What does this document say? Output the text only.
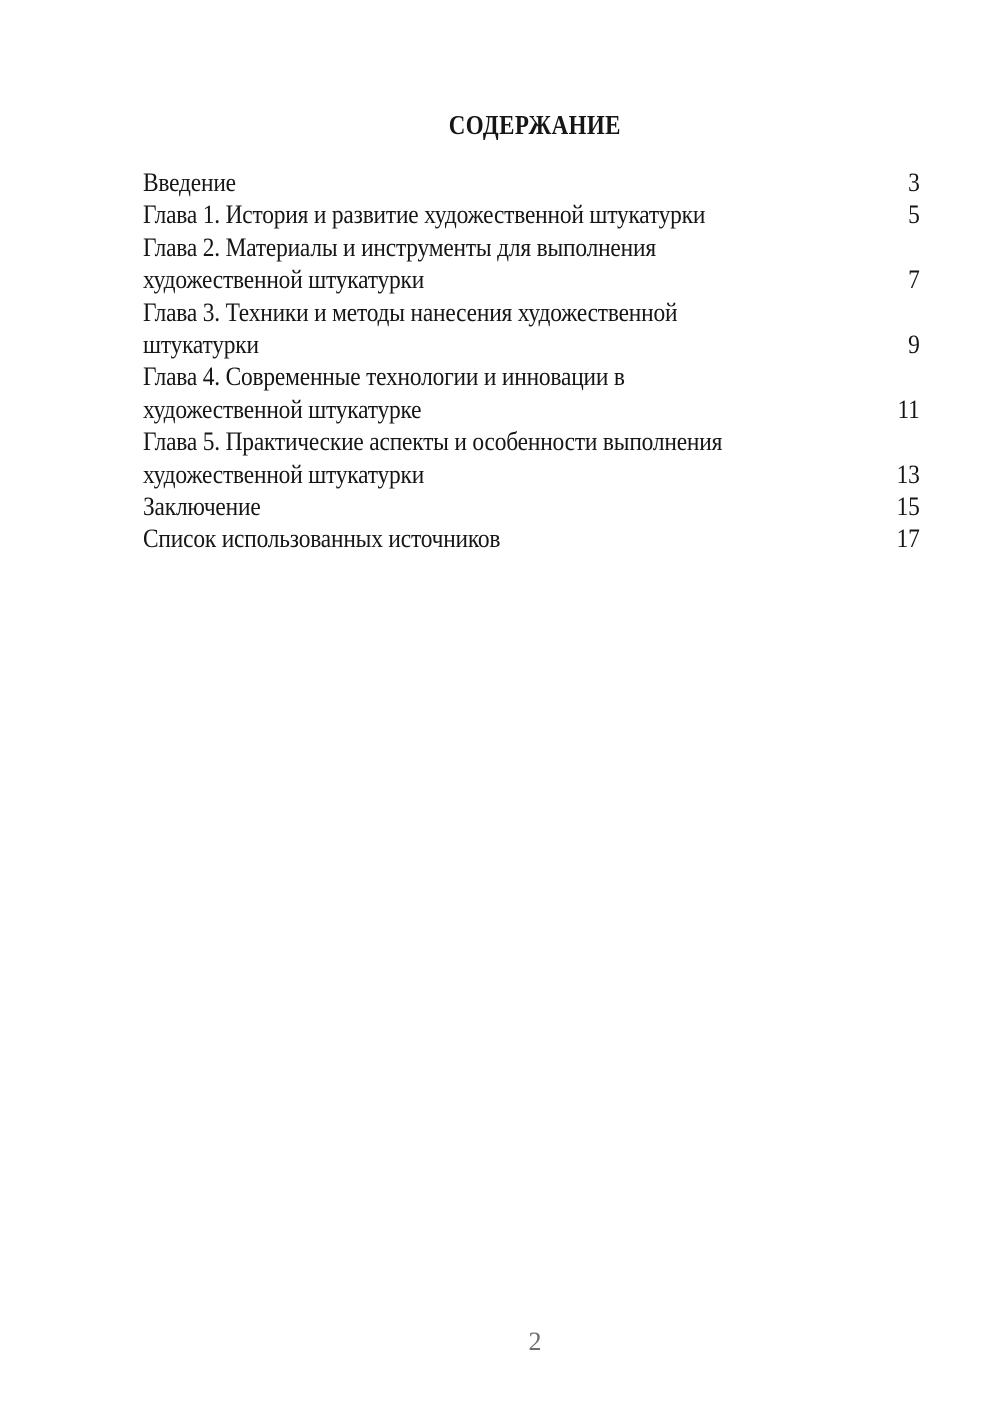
СОДЕРЖАНИЕ
Введение	3
Глава 1. История и развитие художественной штукатурки	5
Глава 2. Материалы и инструменты для выполнения
художественной штукатурки	7
Глава 3. Техники и методы нанесения художественной
штукатурки	9
Глава 4. Современные технологии и инновации в
художественной штукатурке	11
Глава 5. Практические аспекты и особенности выполнения
художественной штукатурки	13
Заключение	15
Список использованных источников	17
2
